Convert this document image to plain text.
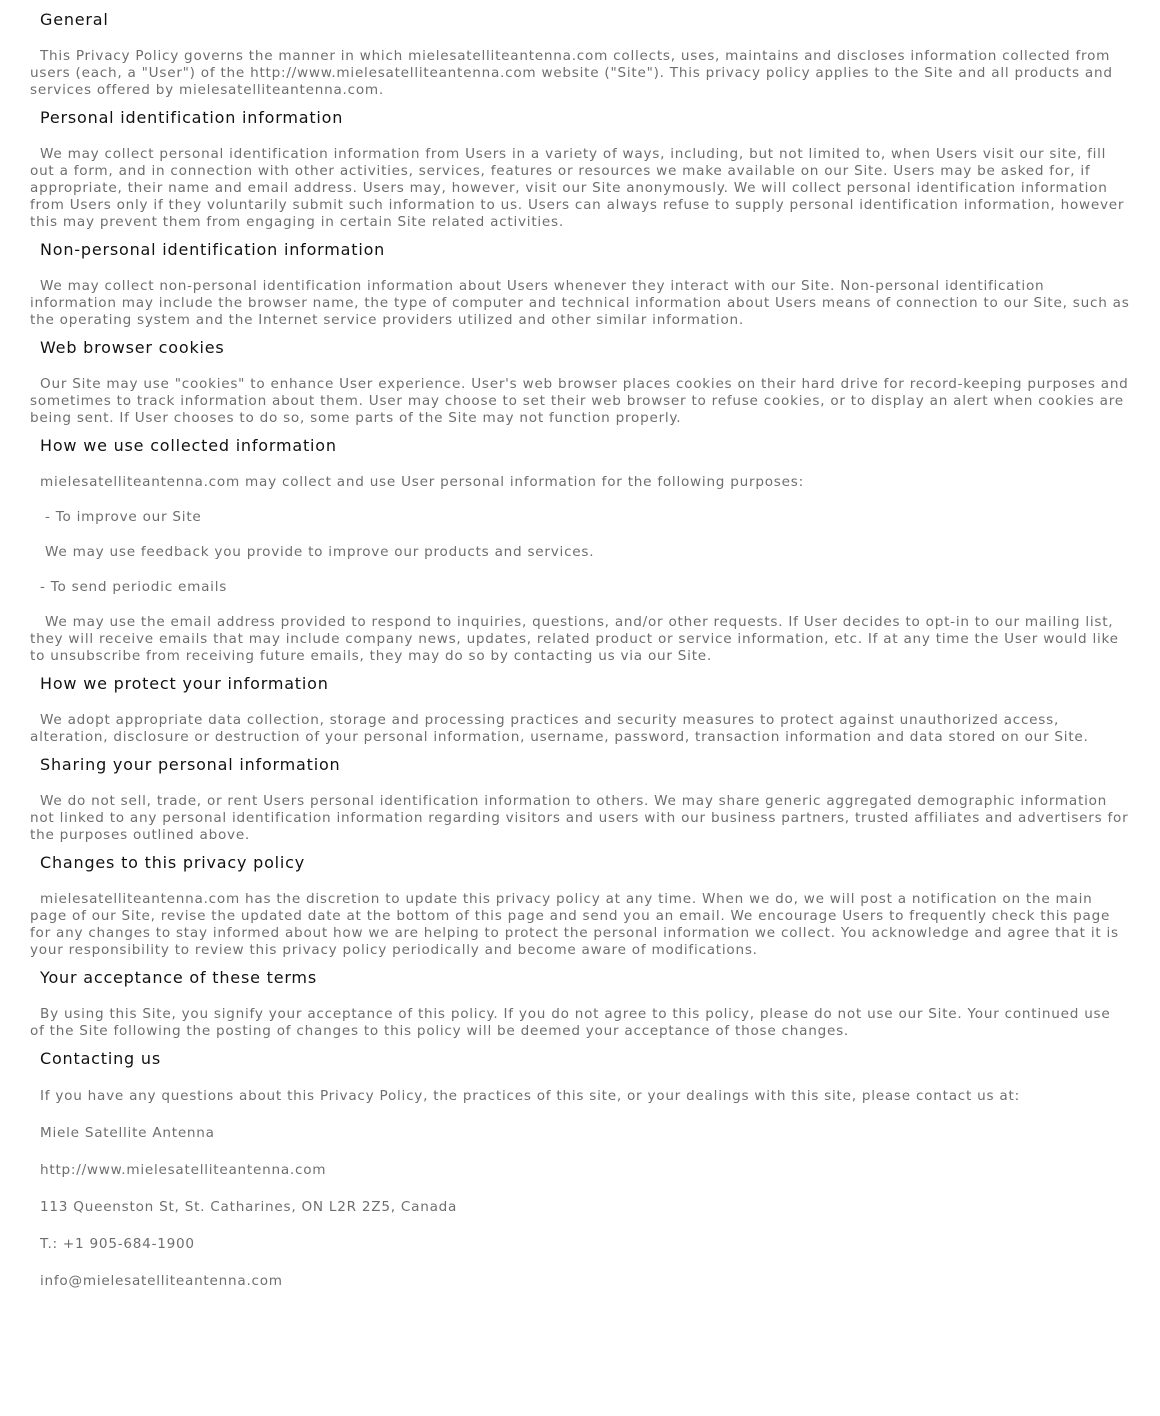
General

This Privacy Policy governs the manner in which mielesatelliteantenna.com collects, uses, maintains and discloses information collected from users (each, a "User") of the http://www.mielesatelliteantenna.com website ("Site"). This privacy policy applies to the Site and all products and services offered by mielesatelliteantenna.com.

Personal identification information

We may collect personal identification information from Users in a variety of ways, including, but not limited to, when Users visit our site, fill out a form, and in connection with other activities, services, features or resources we make available on our Site. Users may be asked for, if appropriate, their name and email address. Users may, however, visit our Site anonymously. We will collect personal identification information from Users only if they voluntarily submit such information to us. Users can always refuse to supply personal identification information, however this may prevent them from engaging in certain Site related activities.

Non-personal identification information

We may collect non-personal identification information about Users whenever they interact with our Site. Non-personal identification information may include the browser name, the type of computer and technical information about Users means of connection to our Site, such as the operating system and the Internet service providers utilized and other similar information.

Web browser cookies

Our Site may use "cookies" to enhance User experience. User's web browser places cookies on their hard drive for record-keeping purposes and sometimes to track information about them. User may choose to set their web browser to refuse cookies, or to display an alert when cookies are being sent. If User chooses to do so, some parts of the Site may not function properly.

How we use collected information

mielesatelliteantenna.com may collect and use User personal information for the following purposes:

- To improve our Site

We may use feedback you provide to improve our products and services.

- To send periodic emails

We may use the email address provided to respond to inquiries, questions, and/or other requests. If User decides to opt-in to our mailing list, they will receive emails that may include company news, updates, related product or service information, etc. If at any time the User would like to unsubscribe from receiving future emails, they may do so by contacting us via our Site.

How we protect your information

We adopt appropriate data collection, storage and processing practices and security measures to protect against unauthorized access, alteration, disclosure or destruction of your personal information, username, password, transaction information and data stored on our Site.

Sharing your personal information

We do not sell, trade, or rent Users personal identification information to others. We may share generic aggregated demographic information not linked to any personal identification information regarding visitors and users with our business partners, trusted affiliates and advertisers for the purposes outlined above.

Changes to this privacy policy

mielesatelliteantenna.com has the discretion to update this privacy policy at any time. When we do, we will post a notification on the main page of our Site, revise the updated date at the bottom of this page and send you an email. We encourage Users to frequently check this page for any changes to stay informed about how we are helping to protect the personal information we collect. You acknowledge and agree that it is your responsibility to review this privacy policy periodically and become aware of modifications.

Your acceptance of these terms

By using this Site, you signify your acceptance of this policy. If you do not agree to this policy, please do not use our Site. Your continued use of the Site following the posting of changes to this policy will be deemed your acceptance of those changes.

Contacting us

If you have any questions about this Privacy Policy, the practices of this site, or your dealings with this site, please contact us at:

Miele Satellite Antenna

http://www.mielesatelliteantenna.com

113 Queenston St, St. Catharines, ON L2R 2Z5, Canada

T.: +1 905-684-1900

info@mielesatelliteantenna.com
